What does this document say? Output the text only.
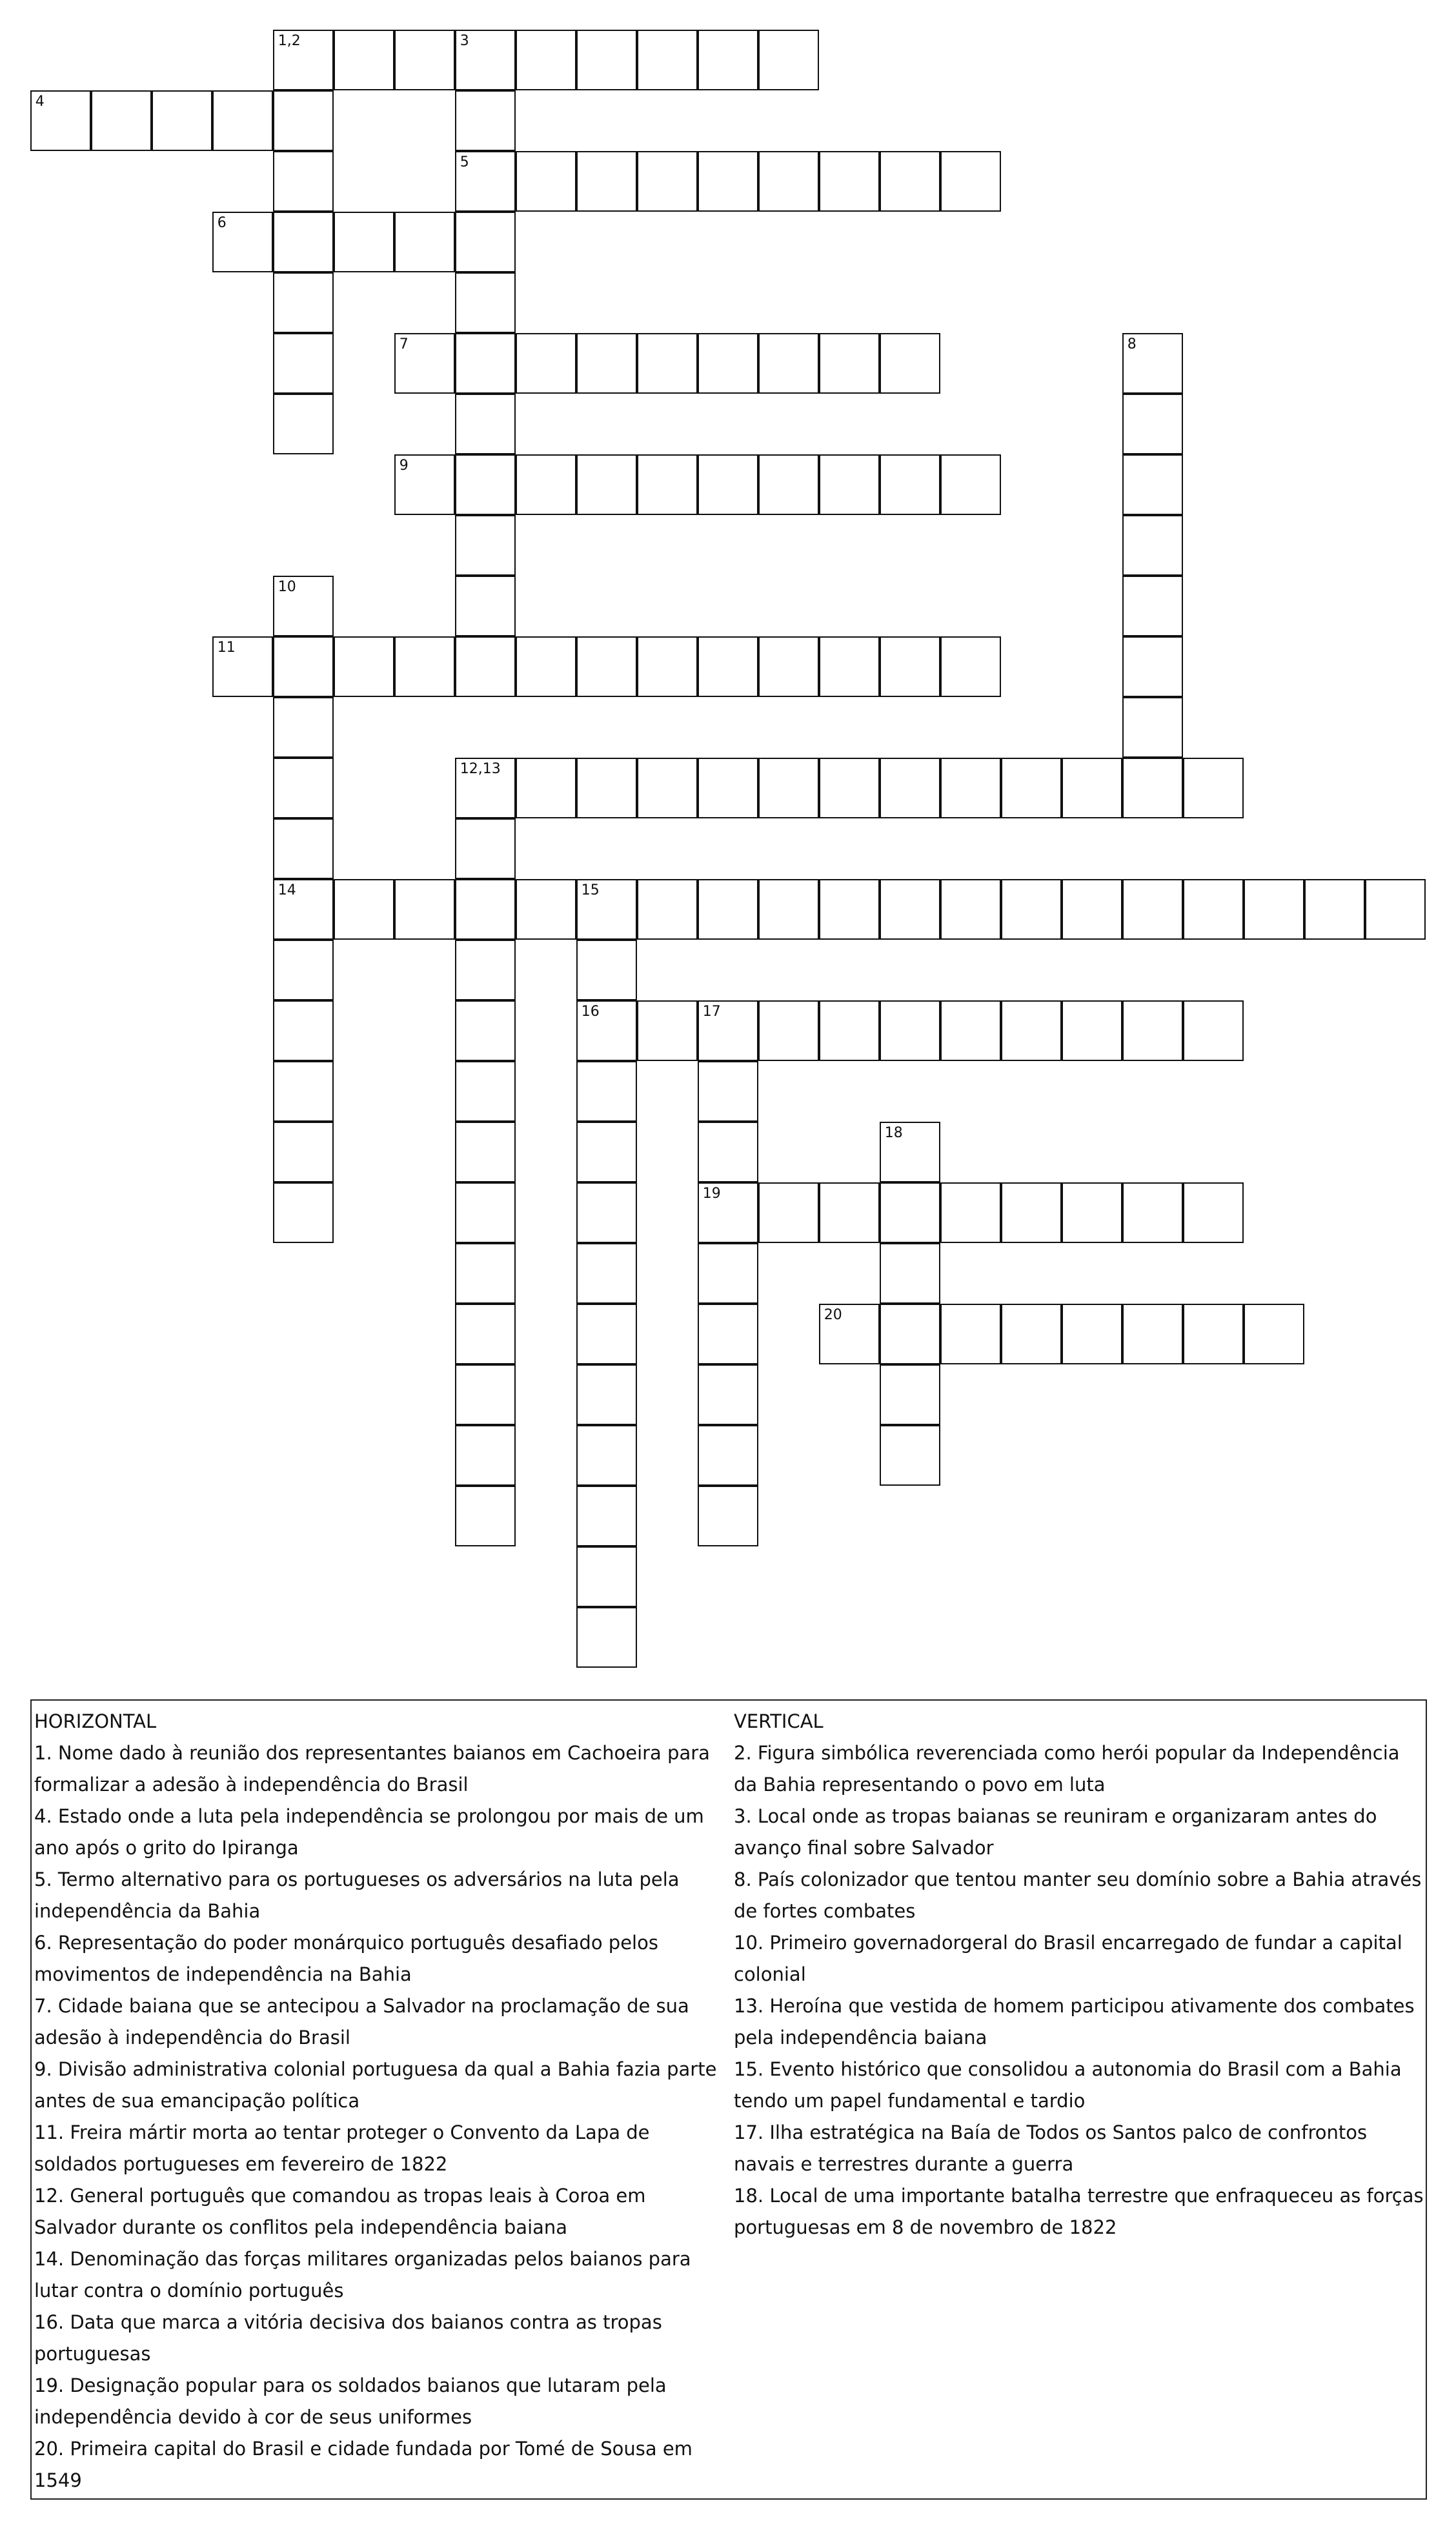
1,2	3
4
5
6
7	8
9
10
11
12,13
14	15
16	17
18
19
20
HORIZONTAL

1. Nome dado à reunião dos representantes baianos em Cachoeira para formalizar a adesão à independência do Brasil

4. Estado onde a luta pela independência se prolongou por mais de um ano após o grito do Ipiranga

5. Termo alternativo para os portugueses os adversários na luta pela independência da Bahia

6. Representação do poder monárquico português desafiado pelos movimentos de independência na Bahia

7. Cidade baiana que se antecipou a Salvador na proclamação de sua adesão à independência do Brasil

9. Divisão administrativa colonial portuguesa da qual a Bahia fazia parte antes de sua emancipação política

11. Freira mártir morta ao tentar proteger o Convento da Lapa de soldados portugueses em fevereiro de 1822

12. General português que comandou as tropas leais à Coroa em Salvador durante os conflitos pela independência baiana

14. Denominação das forças militares organizadas pelos baianos para lutar contra o domínio português

16. Data que marca a vitória decisiva dos baianos contra as tropas portuguesas

19. Designação popular para os soldados baianos que lutaram pela independência devido à cor de seus uniformes

20. Primeira capital do Brasil e cidade fundada por Tomé de Sousa em 1549

VERTICAL

2. Figura simbólica reverenciada como herói popular da Independência da Bahia representando o povo em luta

3. Local onde as tropas baianas se reuniram e organizaram antes do avanço final sobre Salvador

8. País colonizador que tentou manter seu domínio sobre a Bahia através de fortes combates

10. Primeiro governadorgeral do Brasil encarregado de fundar a capital colonial

13. Heroína que vestida de homem participou ativamente dos combates pela independência baiana

15. Evento histórico que consolidou a autonomia do Brasil com a Bahia tendo um papel fundamental e tardio

17. Ilha estratégica na Baía de Todos os Santos palco de confrontos navais e terrestres durante a guerra

18. Local de uma importante batalha terrestre que enfraqueceu as forças portuguesas em 8 de novembro de 1822
